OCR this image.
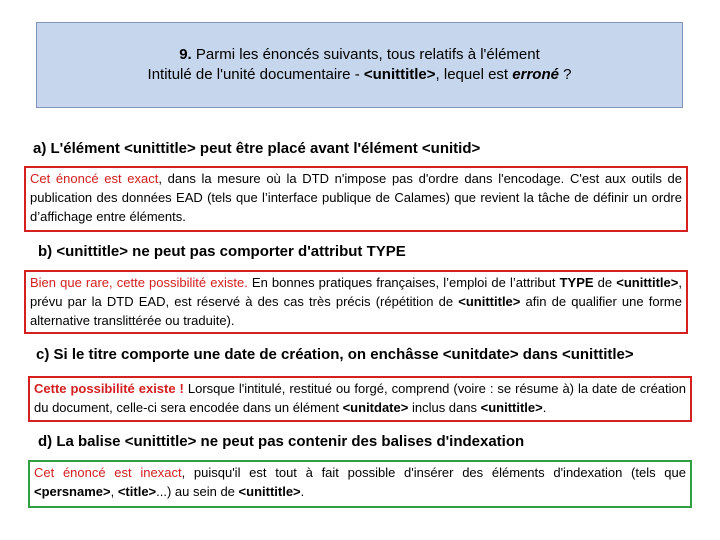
9. Parmi les énoncés suivants, tous relatifs à l'élément
Intitulé de l'unité documentaire - <unittitle>, lequel est erroné ?
a) L'élément <unittitle> peut être placé avant l'élément <unitid>
Cet énoncé est exact, dans la mesure où la DTD n'impose pas d'ordre dans l'encodage. C'est aux outils de publication des données EAD (tels que l’interface publique de Calames) que revient la tâche de définir un ordre d’affichage entre éléments.
b) <unittitle> ne peut pas comporter d'attribut TYPE
Bien que rare, cette possibilité existe. En bonnes pratiques françaises, l’emploi de l’attribut TYPE de <unittitle>, prévu par la DTD EAD, est réservé à des cas très précis (répétition de <unittitle> afin de qualifier une forme alternative translittérée ou traduite).
c) Si le titre comporte une date de création, on enchâsse <unitdate> dans <unittitle>
Cette possibilité existe ! Lorsque l'intitulé, restitué ou forgé, comprend (voire : se résume à) la date de création du document, celle-ci sera encodée dans un élément <unitdate> inclus dans <unittitle>.
d) La balise <unittitle> ne peut pas contenir des balises d'indexation
Cet énoncé est inexact, puisqu'il est tout à fait possible d'insérer des éléments d'indexation (tels que <persname>, <title>...) au sein de <unittitle>.
